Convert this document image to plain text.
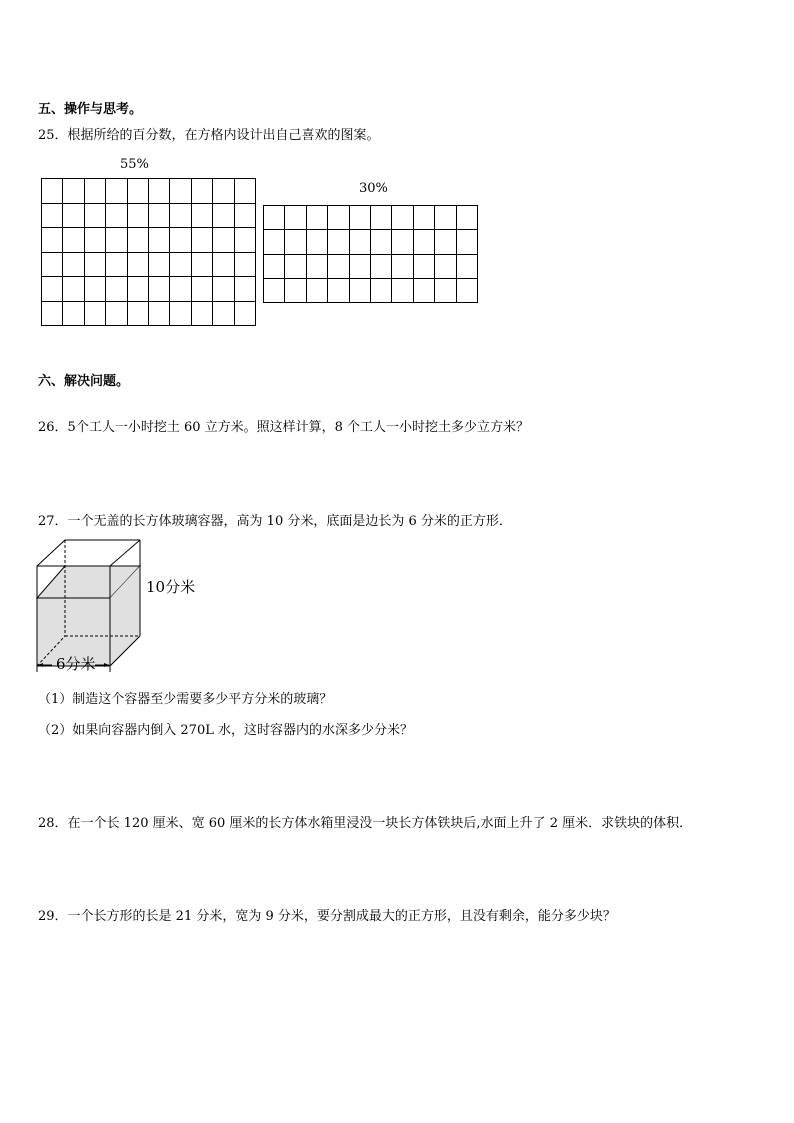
五、操作与思考。
25．根据所给的百分数，在方格内设计出自己喜欢的图案。
55%
30%
六、解决问题。
26．5个工人一小时挖土 60 立方米。照这样计算，8 个工人一小时挖土多少立方米？
27．一个无盖的长方体玻璃容器，高为 10 分米，底面是边长为 6 分米的正方形．
10分米
6分米
（1）制造这个容器至少需要多少平方分米的玻璃？
（2）如果向容器内倒入 270L 水，这时容器内的水深多少分米？
28．在一个长 120 厘米、宽 60 厘米的长方体水箱里浸没一块长方体铁块后,水面上升了 2 厘米．求铁块的体积．
29．一个长方形的长是 21 分米，宽为 9 分米，要分割成最大的正方形，且没有剩余，能分多少块？
